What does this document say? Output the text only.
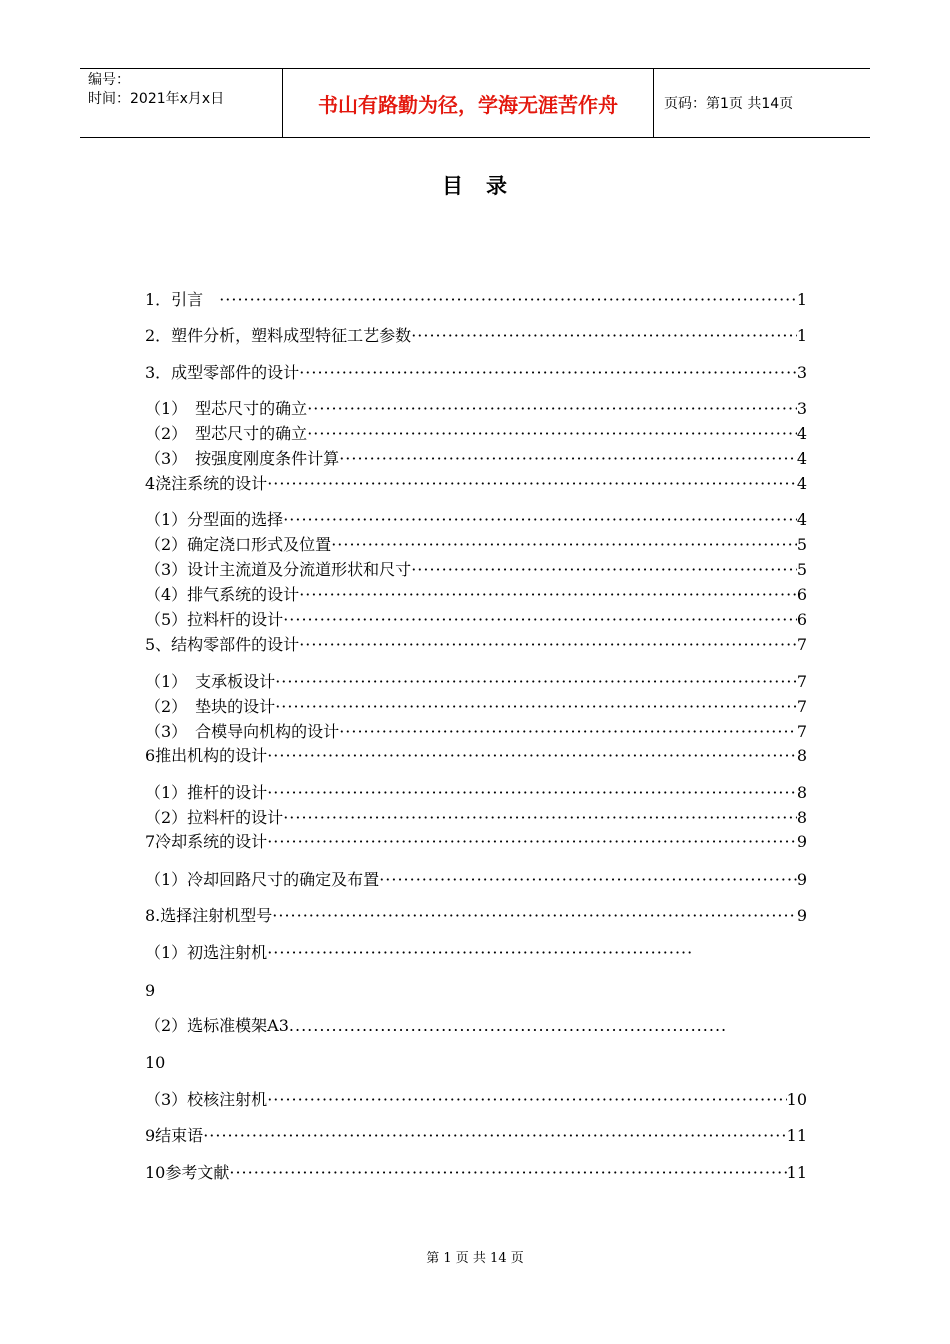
编号：
时间：2021年x月x日	书山有路勤为径，学海无涯苦作舟	页码：第1页 共14页
目　录
1．引言　 ·····	1
2．塑件分析，塑料成型特征工艺参数 ·····	1
3．成型零部件的设计 ·····	3
（1）　型芯尺寸的确立 ·····	3
（2）　型芯尺寸的确立 ·····	4
（3）　按强度刚度条件计算 ·····	4
4浇注系统的设计 ·····	4
（1）分型面的选择 ·····	4
（2）确定浇口形式及位置 ·····	5
（3）设计主流道及分流道形状和尺寸 ·····	5
（4）排气系统的设计 ·····	6
（5）拉料杆的设计 ·····	6
5、结构零部件的设计 ·····	7
（1）　支承板设计 ·····	7
（2）　垫块的设计 ·····	7
（3）　合模导向机构的设计 ·····	7
6推出机构的设计 ·····	8
（1）推杆的设计 ·····	8
（2）拉料杆的设计 ·····	8
7冷却系统的设计 ·····	9
（1）冷却回路尺寸的确定及布置 ·····	9
8.选择注射机型号 ·····	9
（1）初选注射机······································································
9
（2）选标准模架A3........................................................................
10
（3）校核注射机 ·····	10
9结束语 ·····	11
10参考文献 ·····	11
第 1 页 共 14 页
